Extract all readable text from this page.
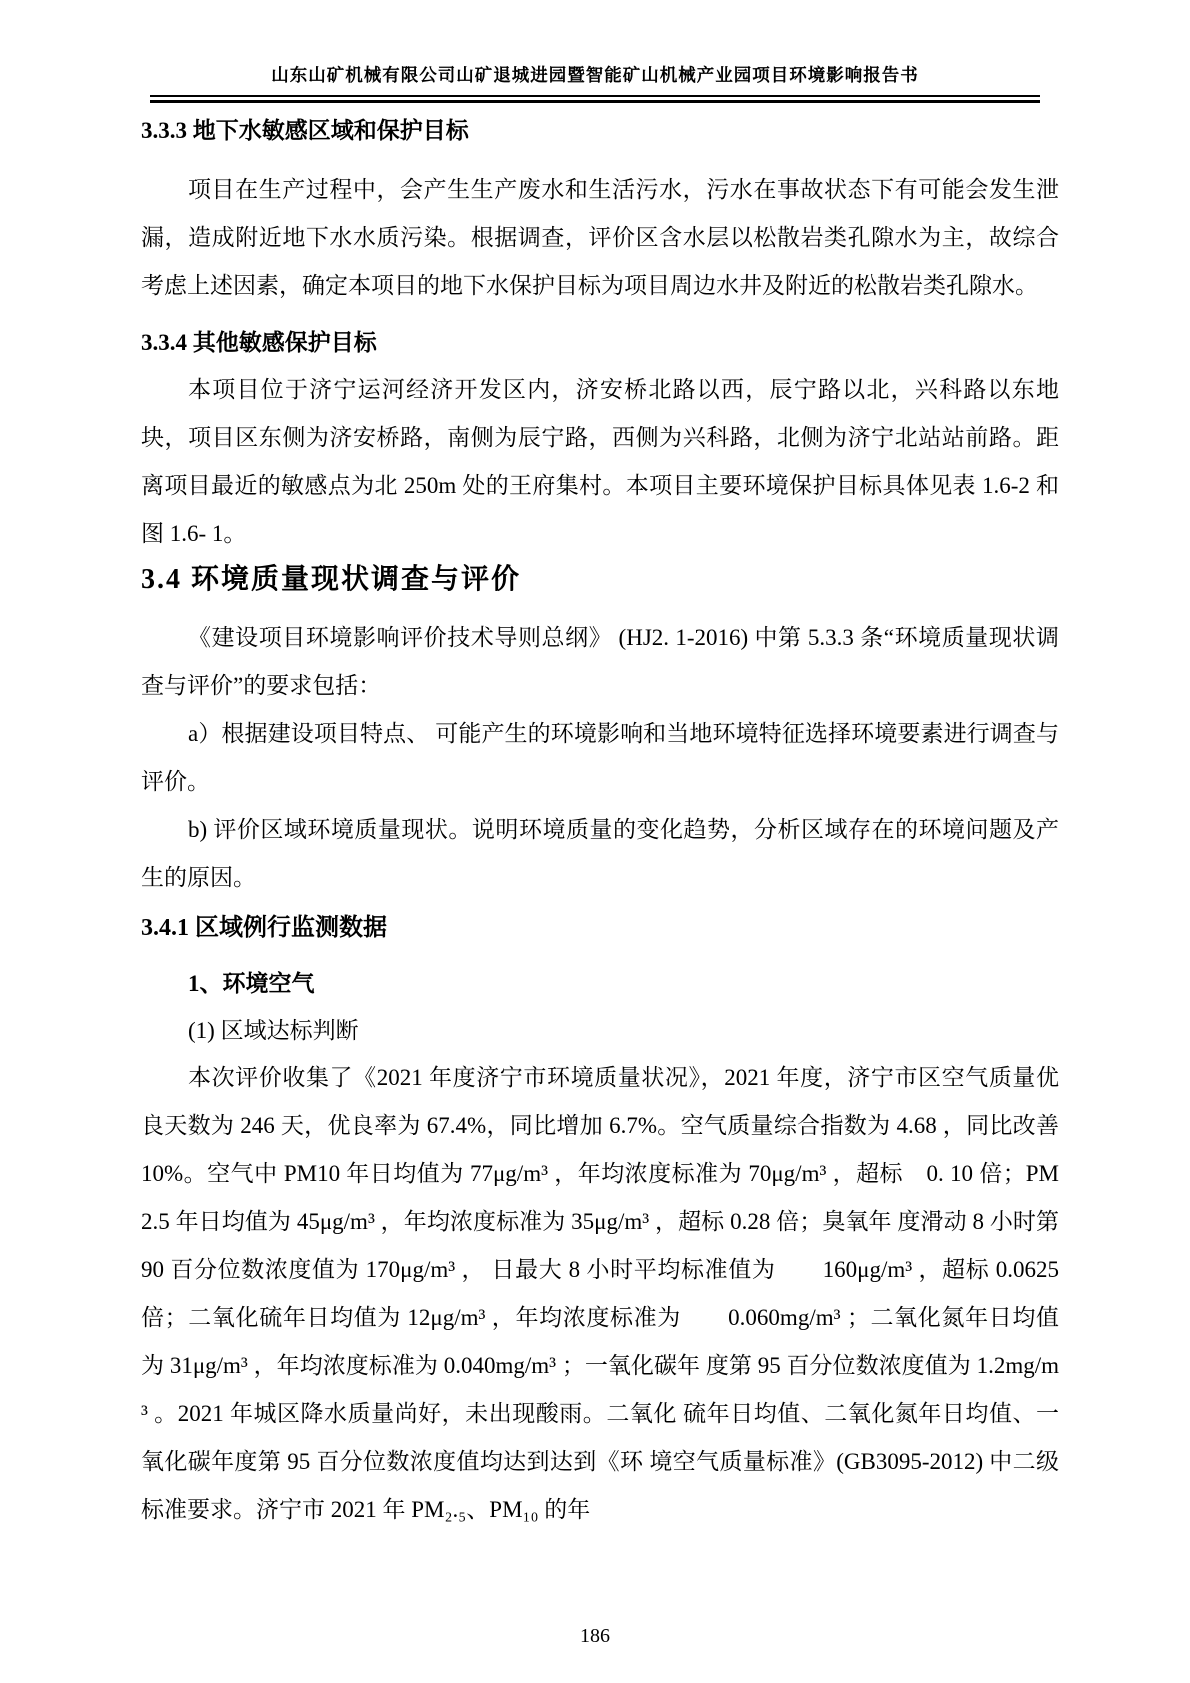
山东山矿机械有限公司山矿退城进园暨智能矿山机械产业园项目环境影响报告书
3.3.3 地下水敏感区域和保护目标

项目在生产过程中，会产生生产废水和生活污水，污水在事故状态下有可能会发生泄漏，造成附近地下水水质污染。根据调查，评价区含水层以松散岩类孔隙水为主，故综合考虑上述因素，确定本项目的地下水保护目标为项目周边水井及附近的松散岩类孔隙水。

3.3.4 其他敏感保护目标

本项目位于济宁运河经济开发区内，济安桥北路以西，辰宁路以北，兴科路以东地块，项目区东侧为济安桥路，南侧为辰宁路，西侧为兴科路，北侧为济宁北站站前路。距离项目最近的敏感点为北 250m 处的王府集村。本项目主要环境保护目标具体见表 1.6-2 和图 1.6- 1。

3.4 环境质量现状调查与评价

《建设项目环境影响评价技术导则总纲》 (HJ2. 1-2016) 中第 5.3.3 条“环境质量现状调查与评价”的要求包括：

a）根据建设项目特点、 可能产生的环境影响和当地环境特征选择环境要素进行调查与评价。

b) 评价区域环境质量现状。说明环境质量的变化趋势，分析区域存在的环境问题及产生的原因。

3.4.1 区域例行监测数据

1、环境空气

(1) 区域达标判断

本次评价收集了《2021 年度济宁市环境质量状况》，2021 年度，济宁市区空气质量优良天数为 246 天，优良率为 67.4%，同比增加 6.7%。空气质量综合指数为 4.68 ，同比改善 10%。空气中 PM10 年日均值为 77μg/m³ ，年均浓度标准为 70μg/m³ ，超标　0. 10 倍；PM2.5 年日均值为 45μg/m³ ，年均浓度标准为 35μg/m³ ，超标 0.28 倍；臭氧年 度滑动 8 小时第 90 百分位数浓度值为 170μg/m³ ， 日最大 8 小时平均标准值为　　160μg/m³ ，超标 0.0625 倍；二氧化硫年日均值为 12μg/m³ ，年均浓度标准为　　0.060mg/m³ ；二氧化氮年日均值为 31μg/m³ ，年均浓度标准为 0.040mg/m³ ；一氧化碳年 度第 95 百分位数浓度值为 1.2mg/m³ 。2021 年城区降水质量尚好，未出现酸雨。二氧化 硫年日均值、二氧化氮年日均值、一氧化碳年度第 95 百分位数浓度值均达到达到《环 境空气质量标准》(GB3095-2012) 中二级标准要求。济宁市 2021 年 PM₂.₅、PM₁₀ 的年

186
